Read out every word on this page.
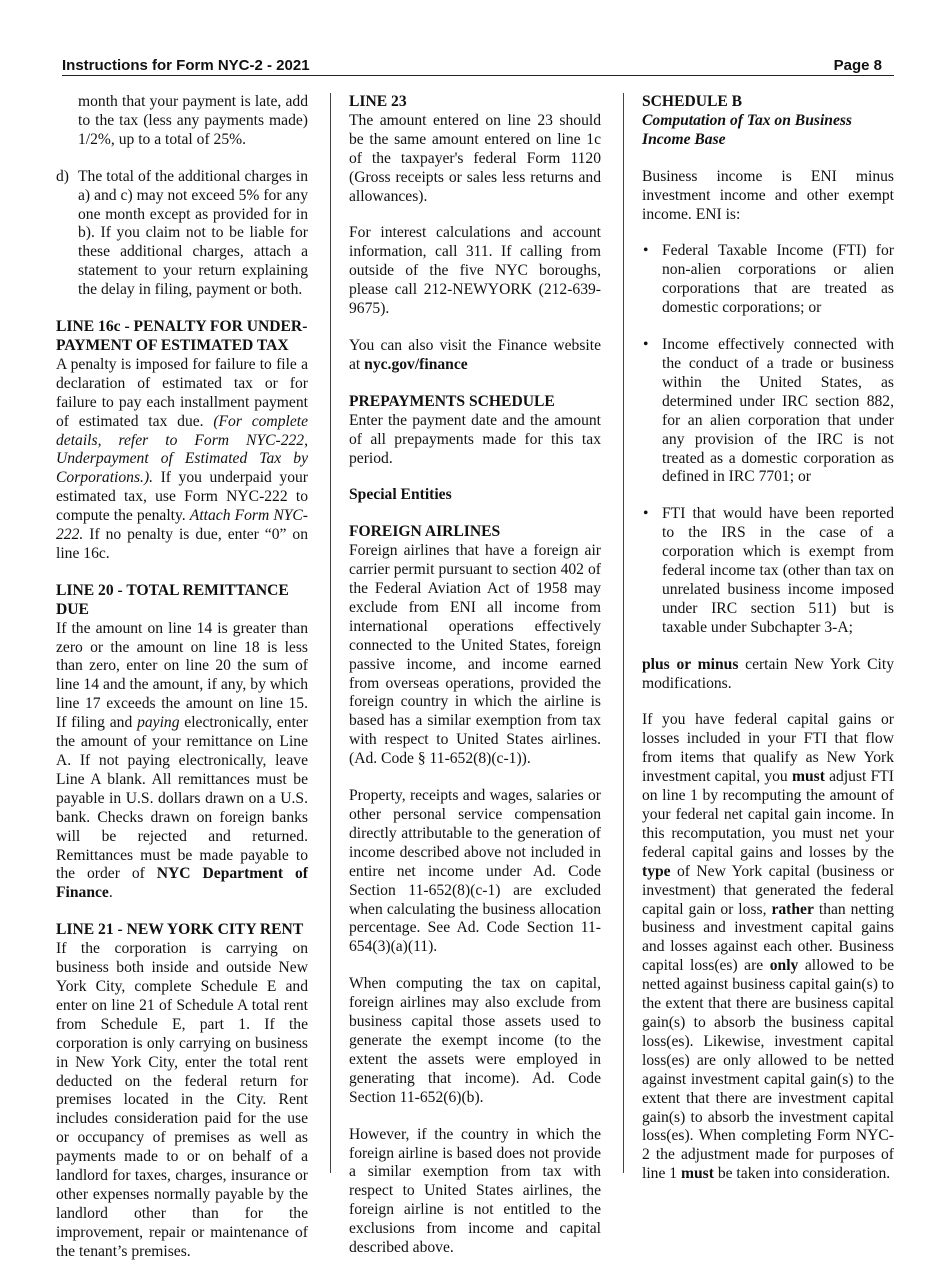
Instructions for Form NYC-2 - 2021	Page 8

month that your payment is late, add to the tax (less any payments made) 1/2%, up to a total of 25%.

d) The total of the additional charges in a) and c) may not exceed 5% for any one month except as provided for in b). If you claim not to be liable for these additional charges, attach a statement to your return explaining the delay in filing, payment or both.
LINE 16c - PENALTY FOR UNDER-PAYMENT OF ESTIMATED TAX

A penalty is imposed for failure to file a declaration of estimated tax or for failure to pay each installment payment of estimated tax due. (For complete details, refer to Form NYC-222, Underpayment of Estimated Tax by Corporations.). If you underpaid your estimated tax, use Form NYC-222 to compute the penalty. Attach Form NYC-222. If no penalty is due, enter “0” on line 16c.

LINE 20 - TOTAL REMITTANCE DUE

If the amount on line 14 is greater than zero or the amount on line 18 is less than zero, enter on line 20 the sum of line 14 and the amount, if any, by which line 17 exceeds the amount on line 15. If filing and paying electronically, enter the amount of your remittance on Line A. If not paying electronically, leave Line A blank. All remittances must be payable in U.S. dollars drawn on a U.S. bank. Checks drawn on foreign banks will be rejected and returned. Remittances must be made payable to the order of NYC Department of Finance.

LINE 21 - NEW YORK CITY RENT

If the corporation is carrying on business both inside and outside New York City, complete Schedule E and enter on line 21 of Schedule A total rent from Schedule E, part 1. If the corporation is only carrying on business in New York City, enter the total rent deducted on the federal return for premises located in the City. Rent includes consideration paid for the use or occupancy of premises as well as payments made to or on behalf of a landlord for taxes, charges, insurance or other expenses normally payable by the landlord other than for the improvement, repair or maintenance of the tenant’s premises.

LINE 23

The amount entered on line 23 should be the same amount entered on line 1c of the taxpayer's federal Form 1120 (Gross receipts or sales less returns and allowances).

For interest calculations and account information, call 311. If calling from outside of the five NYC boroughs, please call 212-NEWYORK (212-639-9675).

You can also visit the Finance website at nyc.gov/finance

PREPAYMENTS SCHEDULE

Enter the payment date and the amount of all prepayments made for this tax period.

Special Entities
FOREIGN AIRLINES

Foreign airlines that have a foreign air carrier permit pursuant to section 402 of the Federal Aviation Act of 1958 may exclude from ENI all income from international operations effectively connected to the United States, foreign passive income, and income earned from overseas operations, provided the foreign country in which the airline is based has a similar exemption from tax with respect to United States airlines. (Ad. Code § 11-652(8)(c-1)).

Property, receipts and wages, salaries or other personal service compensation directly attributable to the generation of income described above not included in entire net income under Ad. Code Section 11-652(8)(c-1) are excluded when calculating the business allocation percentage. See Ad. Code Section 11- 654(3)(a)(11).

When computing the tax on capital, foreign airlines may also exclude from business capital those assets used to generate the exempt income (to the extent the assets were employed in generating that income). Ad. Code Section 11-652(6)(b).

However, if the country in which the foreign airline is based does not provide a similar exemption from tax with respect to United States airlines, the foreign airline is not entitled to the exclusions from income and capital described above.

SCHEDULE B
Computation of Tax on Business Income Base

Business income is ENI minus investment income and other exempt income. ENI is:

• Federal Taxable Income (FTI) for non-alien corporations or alien corporations that are treated as domestic corporations; or
• Income effectively connected with the conduct of a trade or business within the United States, as determined under IRC section 882, for an alien corporation that under any provision of the IRC is not treated as a domestic corporation as defined in IRC 7701; or
• FTI that would have been reported to the IRS in the case of a corporation which is exempt from federal income tax (other than tax on unrelated business income imposed under IRC section 511) but is taxable under Subchapter 3-A;

plus or minus certain New York City modifications.

If you have federal capital gains or losses included in your FTI that flow from items that qualify as New York investment capital, you must adjust FTI on line 1 by recomputing the amount of your federal net capital gain income. In this recomputation, you must net your federal capital gains and losses by the type of New York capital (business or investment) that generated the federal capital gain or loss, rather than netting business and investment capital gains and losses against each other. Business capital loss(es) are only allowed to be netted against business capital gain(s) to the extent that there are business capital gain(s) to absorb the business capital loss(es). Likewise, investment capital loss(es) are only allowed to be netted against investment capital gain(s) to the extent that there are investment capital gain(s) to absorb the investment capital loss(es). When completing Form NYC-2 the adjustment made for purposes of line 1 must be taken into consideration.
